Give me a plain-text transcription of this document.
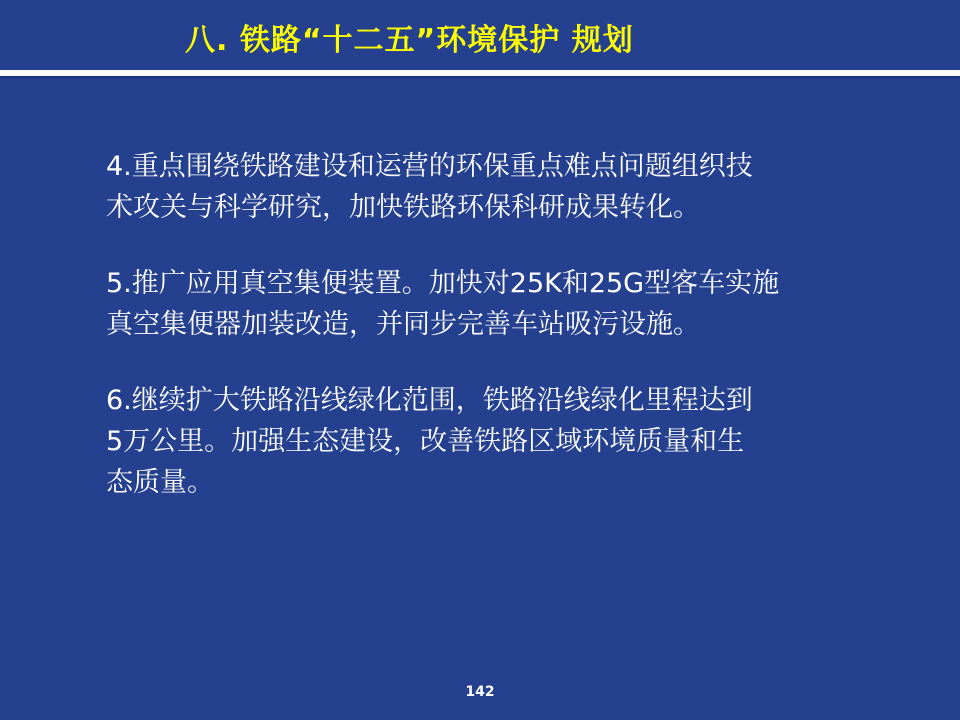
八. 铁路“十二五”环境保护 规划
4.重点围绕铁路建设和运营的环保重点难点问题组织技
术攻关与科学研究，加快铁路环保科研成果转化。
5.推广应用真空集便装置。加快对25K和25G型客车实施
真空集便器加装改造，并同步完善车站吸污设施。
6.继续扩大铁路沿线绿化范围，铁路沿线绿化里程达到
5万公里。加强生态建设，改善铁路区域环境质量和生
态质量。
142
